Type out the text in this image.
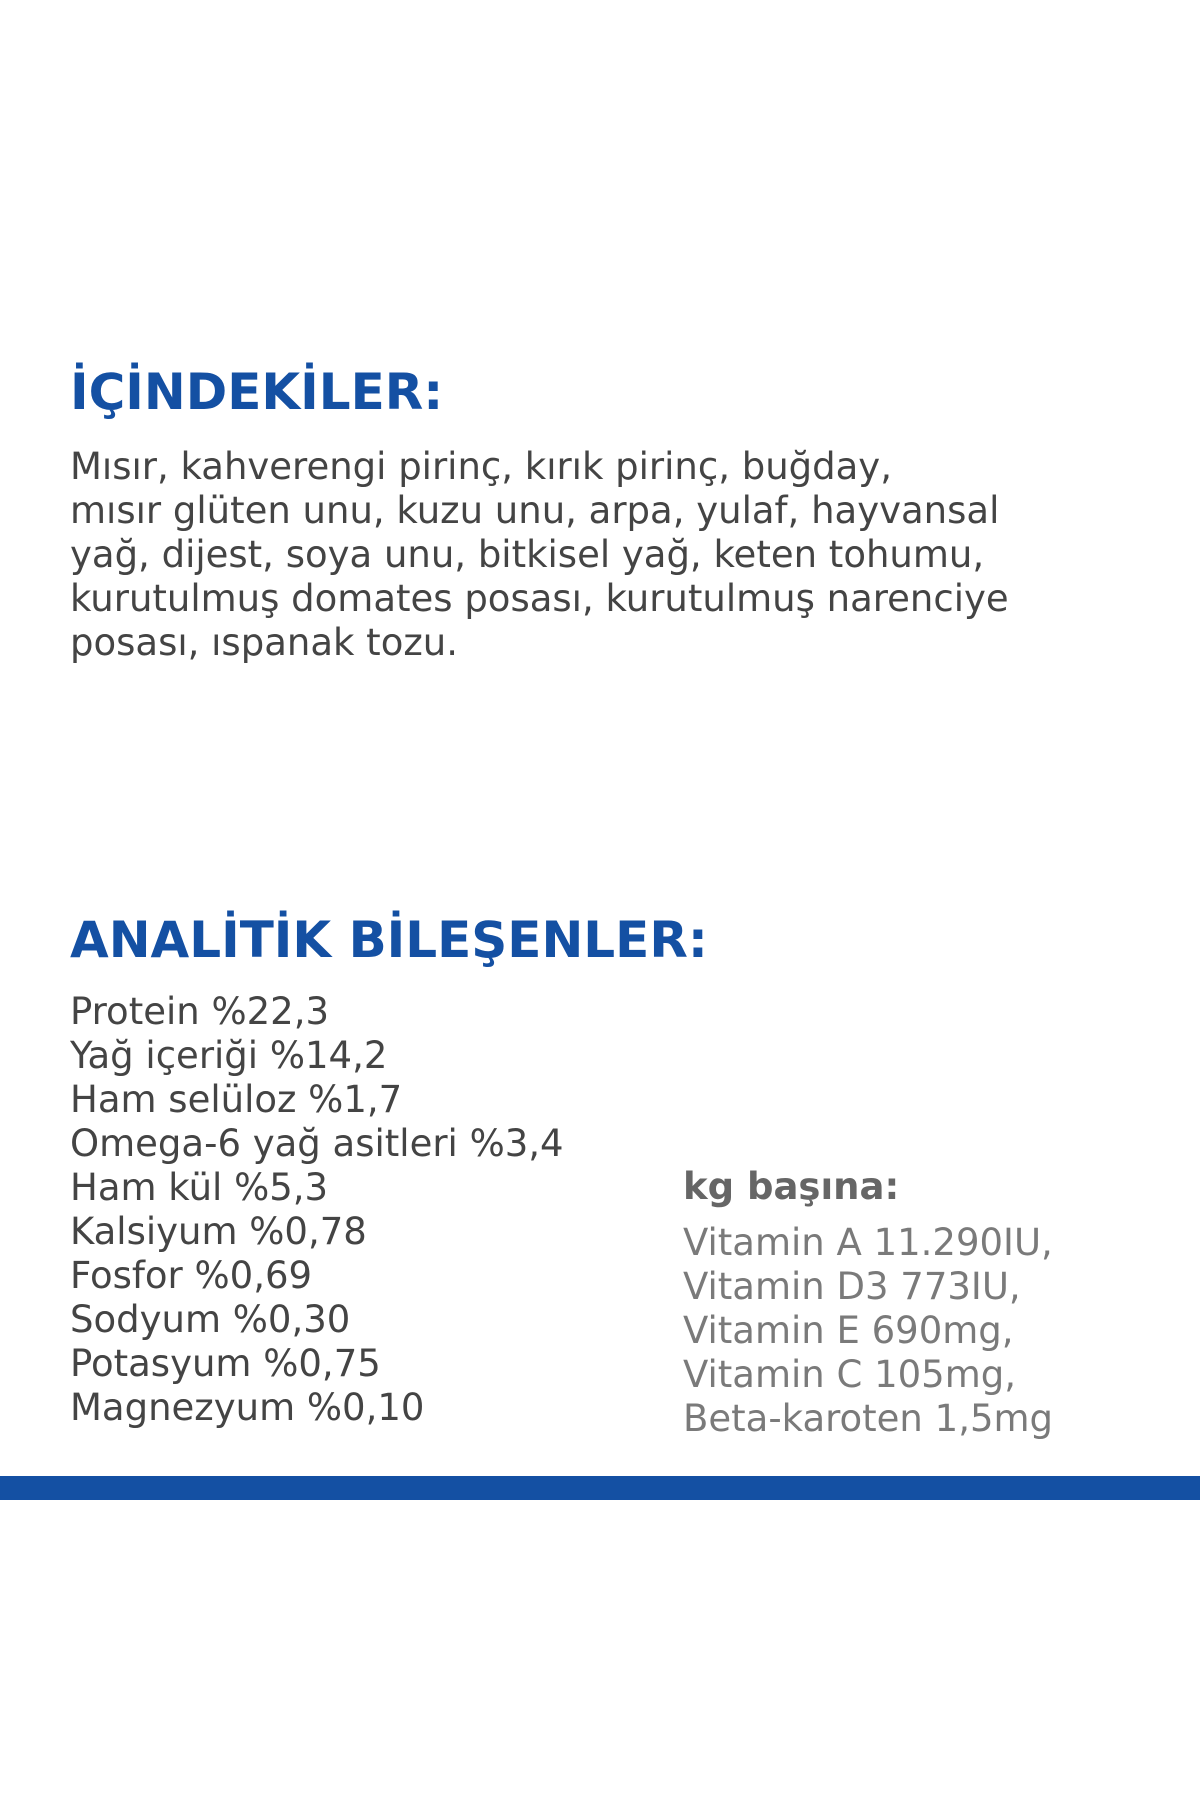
İÇİNDEKİLER:

Mısır, kahverengi pirinç, kırık pirinç, buğday,
mısır glüten unu, kuzu unu, arpa, yulaf, hayvansal
yağ, dijest, soya unu, bitkisel yağ, keten tohumu,
kurutulmuş domates posası, kurutulmuş narenciye
posası, ıspanak tozu.

ANALİTİK BİLEŞENLER:
Protein %22,3
Yağ içeriği %14,2
Ham selüloz %1,7
Omega-6 yağ asitleri %3,4
Ham kül %5,3
Kalsiyum %0,78
Fosfor %0,69
Sodyum %0,30
Potasyum %0,75
Magnezyum %0,10
kg başına:
Vitamin A 11.290IU,
Vitamin D3 773IU,
Vitamin E 690mg,
Vitamin C 105mg,
Beta-karoten 1,5mg
